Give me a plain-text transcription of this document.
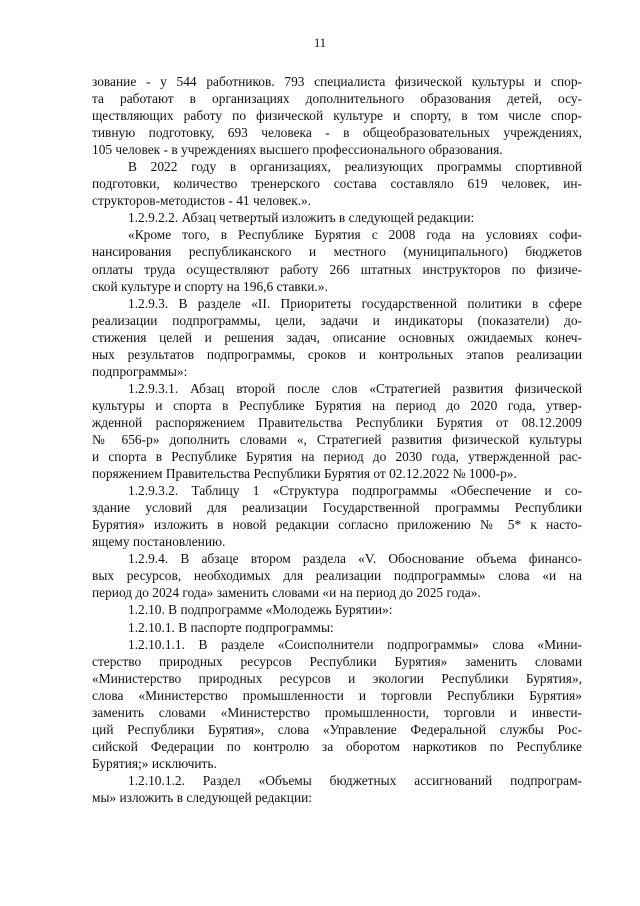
11
зование - у 544 работников. 793 специалиста физической культуры и спор-
та работают в организациях дополнительного образования детей, осу-
ществляющих работу по физической культуре и спорту, в том числе спор-
тивную подготовку, 693 человека - в общеобразовательных учреждениях,
105 человек - в учреждениях высшего профессионального образования.
В 2022 году в организациях, реализующих программы спортивной
подготовки, количество тренерского состава составляло 619 человек, ин-
структоров-методистов - 41 человек.».
1.2.9.2.2. Абзац четвертый изложить в следующей редакции:
«Кроме того, в Республике Бурятия с 2008 года на условиях софи-
нансирования республиканского и местного (муниципального) бюджетов
оплаты труда осуществляют работу 266 штатных инструкторов по физиче-
ской культуре и спорту на 196,6 ставки.».
1.2.9.3. В разделе «II. Приоритеты государственной политики в сфере
реализации подпрограммы, цели, задачи и индикаторы (показатели) до-
стижения целей и решения задач, описание основных ожидаемых конеч-
ных результатов подпрограммы, сроков и контрольных этапов реализации
подпрограммы»:
1.2.9.3.1. Абзац второй после слов «Стратегией развития физической
культуры и спорта в Республике Бурятия на период до 2020 года, утвер-
жденной распоряжением Правительства Республики Бурятия от 08.12.2009
№ 656-р» дополнить словами «, Стратегией развития физической культуры
и спорта в Республике Бурятия на период до 2030 года, утвержденной рас-
поряжением Правительства Республики Бурятия от 02.12.2022 № 1000-р».
1.2.9.3.2. Таблицу 1 «Структура подпрограммы «Обеспечение и со-
здание условий для реализации Государственной программы Республики
Бурятия» изложить в новой редакции согласно приложению № 5* к насто-
ящему постановлению.
1.2.9.4. В абзаце втором раздела «V. Обоснование объема финансо-
вых ресурсов, необходимых для реализации подпрограммы» слова «и на
период до 2024 года» заменить словами «и на период до 2025 года».
1.2.10. В подпрограмме «Молодежь Бурятии»:
1.2.10.1. В паспорте подпрограммы:
1.2.10.1.1. В разделе «Соисполнители подпрограммы» слова «Мини-
стерство природных ресурсов Республики Бурятия» заменить словами
«Министерство природных ресурсов и экологии Республики Бурятия»,
слова «Министерство промышленности и торговли Республики Бурятия»
заменить словами «Министерство промышленности, торговли и инвести-
ций Республики Бурятия», слова «Управление Федеральной службы Рос-
сийской Федерации по контролю за оборотом наркотиков по Республике
Бурятия;» исключить.
1.2.10.1.2. Раздел «Объемы бюджетных ассигнований подпрограм-
мы» изложить в следующей редакции:
